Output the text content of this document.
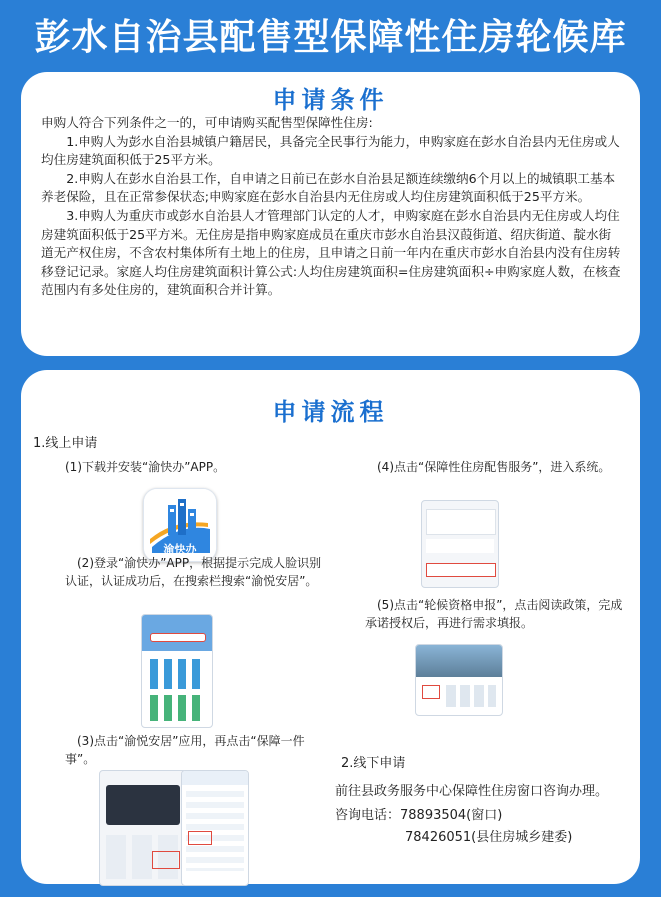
彭水自治县配售型保障性住房轮候库
申请条件

申购人符合下列条件之一的，可申请购买配售型保障性住房:

1.申购人为彭水自治县城镇户籍居民，具备完全民事行为能力，申购家庭在彭水自治县内无住房或人均住房建筑面积低于25平方米。

2.申购人在彭水自治县工作，自申请之日前已在彭水自治县足额连续缴纳6个月以上的城镇职工基本养老保险，且在正常参保状态;申购家庭在彭水自治县内无住房或人均住房建筑面积低于25平方米。

3.申购人为重庆市或彭水自治县人才管理部门认定的人才，申购家庭在彭水自治县内无住房或人均住房建筑面积低于25平方米。无住房是指申购家庭成员在重庆市彭水自治县汉葭街道、绍庆街道、靛水街道无产权住房，不含农村集体所有土地上的住房，且申请之日前一年内在重庆市彭水自治县内没有住房转移登记记录。家庭人均住房建筑面积计算公式:人均住房建筑面积=住房建筑面积÷申购家庭人数，在核查范围内有多处住房的，建筑面积合并计算。

申请流程
1.线上申请
(1)下载并安装“渝快办”APP。
渝快办
(2)登录“渝快办”APP，根据提示完成人脸识别认证，认证成功后，在搜索栏搜索“渝悦安居”。
(3)点击“渝悦安居”应用，再点击“保障一件事”。
(4)点击“保障性住房配售服务”，进入系统。
(5)点击“轮候资格申报”，点击阅读政策，完成承诺授权后，再进行需求填报。
2.线下申请
前往县政务服务中心保障性住房窗口咨询办理。
咨询电话：78893504(窗口)
78426051(县住房城乡建委)
